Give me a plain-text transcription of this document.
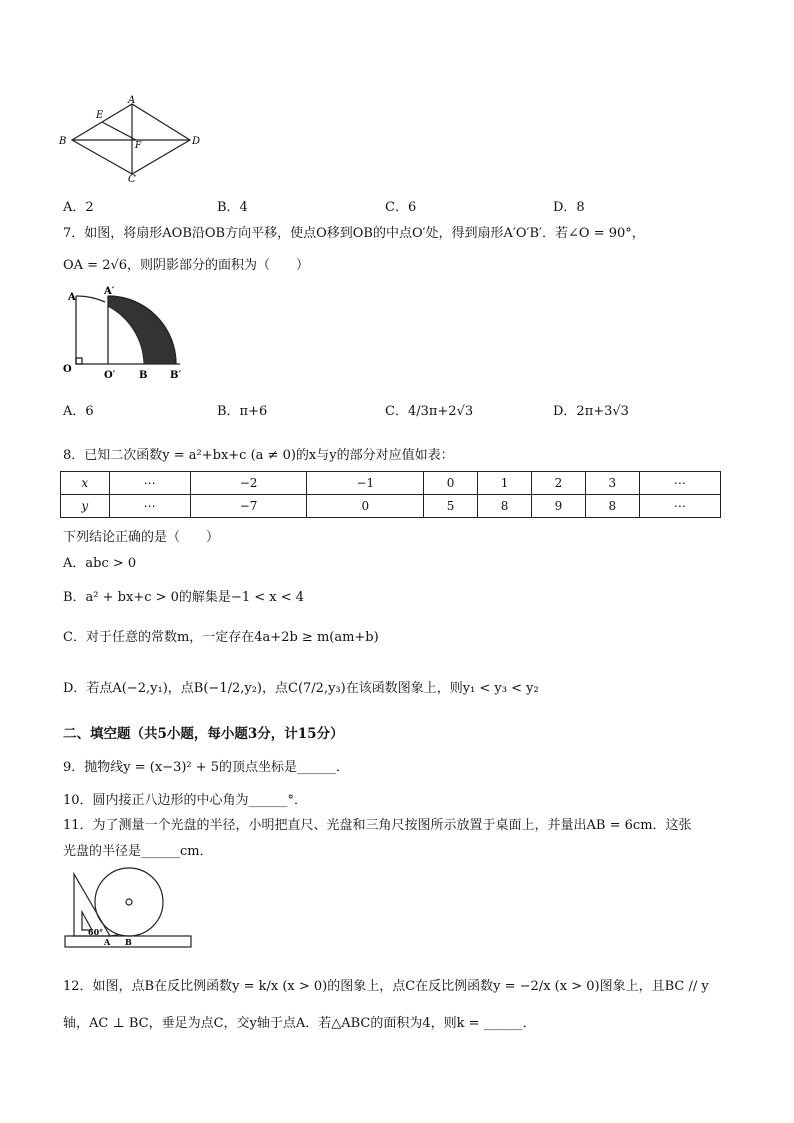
B
A
D
C
E
F
A．2	B．4	C．6	D．8
7．如图，将扇形AOB沿OB方向平移，使点O移到OB的中点O′处，得到扇形A′O′B′．若∠O = 90°，
OA = 2√6，则阴影部分的面积为（　　）
A
A′
O
O′ B B′
A．6	B．π+6	C．4/3π+2√3	D．2π+3√3
8．已知二次函数y = a²+bx+c (a ≠ 0)的x与y的部分对应值如表：
x	⋯	−2	−1	0	1	2	3	⋯
y	⋯	−7	0	5	8	9	8	⋯
下列结论正确的是（　　）
A．abc > 0
B．a² + bx+c > 0的解集是−1 < x < 4
C．对于任意的常数m，一定存在4a+2b ≥ m(am+b)
D．若点A(−2,y₁)，点B(−1/2,y₂)，点C(7/2,y₃)在该函数图象上，则y₁ < y₃ < y₂
二、填空题（共5小题，每小题3分，计15分）
9．抛物线y = (x−3)² + 5的顶点坐标是______．
10．圆内接正八边形的中心角为______°．
11．为了测量一个光盘的半径，小明把直尺、光盘和三角尺按图所示放置于桌面上，并量出AB = 6cm．这张
光盘的半径是______cm．
60°
A B
12．如图，点B在反比例函数y = k/x (x > 0)的图象上，点C在反比例函数y = −2/x (x > 0)图象上，且BC // y
轴，AC ⊥ BC，垂足为点C，交y轴于点A．若△ABC的面积为4，则k = ______．
